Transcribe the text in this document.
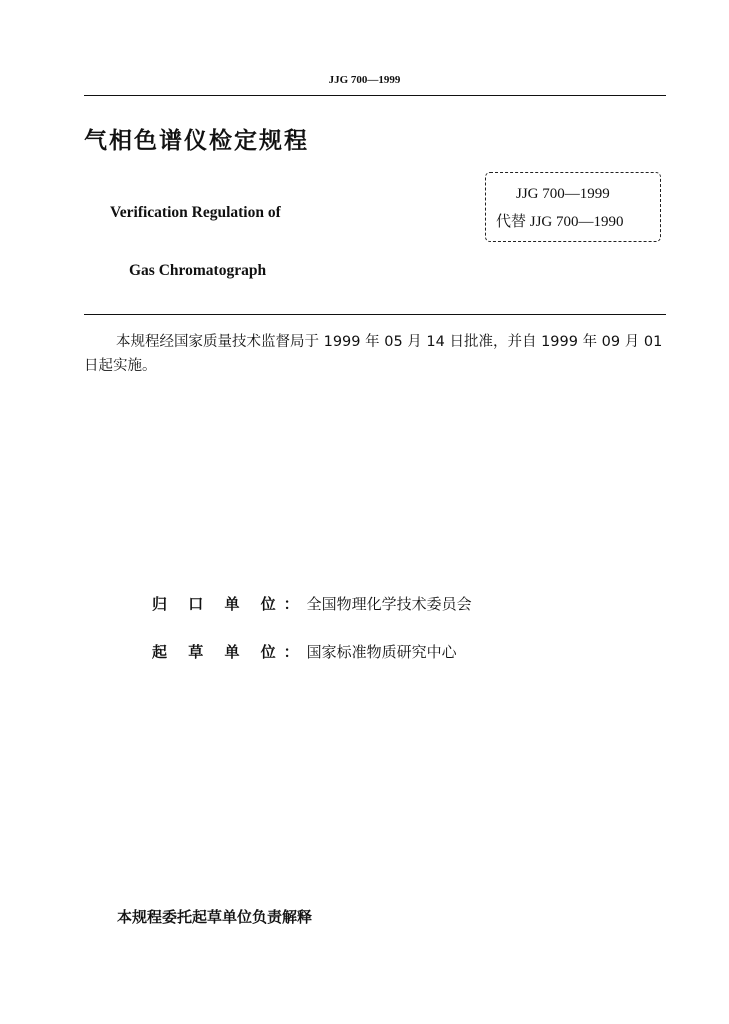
JJG 700—1999
气相色谱仪检定规程
Verification Regulation of
Gas Chromatograph
JJG 700—1999
代替 JJG 700—1990
本规程经国家质量技术监督局于 1999 年 05 月 14 日批准，并自 1999 年 09 月 01 日起实施。
归 口 单 位：全国物理化学技术委员会
起 草 单 位：国家标准物质研究中心
本规程委托起草单位负责解释
